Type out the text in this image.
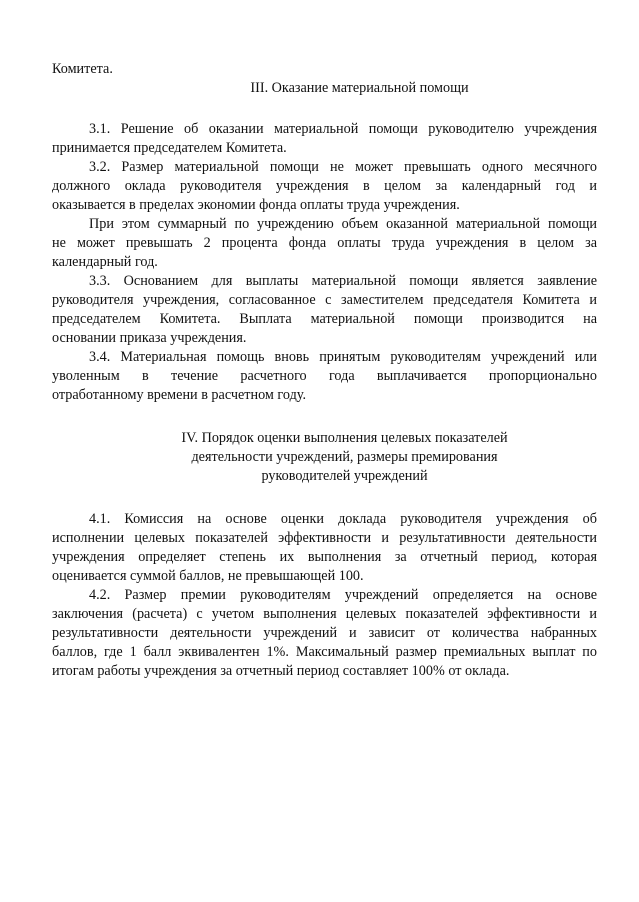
Комитета.
III. Оказание материальной помощи
3.1. Решение об оказании материальной помощи руководителю учреждения
принимается председателем Комитета.
3.2. Размер материальной помощи не может превышать одного месячного
должного оклада руководителя учреждения в целом за календарный год и
оказывается в пределах экономии фонда оплаты труда учреждения.
При этом суммарный по учреждению объем оказанной материальной помощи
не может превышать 2 процента фонда оплаты труда учреждения в целом за
календарный год.
3.3. Основанием для выплаты материальной помощи является заявление
руководителя учреждения, согласованное с заместителем председателя Комитета и
председателем Комитета. Выплата материальной помощи производится на
основании приказа учреждения.
3.4. Материальная помощь вновь принятым руководителям учреждений или
уволенным в течение расчетного года выплачивается пропорционально
отработанному времени в расчетном году.
IV. Порядок оценки выполнения целевых показателей
деятельности учреждений, размеры премирования
руководителей учреждений
4.1. Комиссия на основе оценки доклада руководителя учреждения об
исполнении целевых показателей эффективности и результативности деятельности
учреждения определяет степень их выполнения за отчетный период, которая
оценивается суммой баллов, не превышающей 100.
4.2. Размер премии руководителям учреждений определяется на основе
заключения (расчета) с учетом выполнения целевых показателей эффективности и
результативности деятельности учреждений и зависит от количества набранных
баллов, где 1 балл эквивалентен 1%. Максимальный размер премиальных выплат по
итогам работы учреждения за отчетный период составляет 100% от оклада.
